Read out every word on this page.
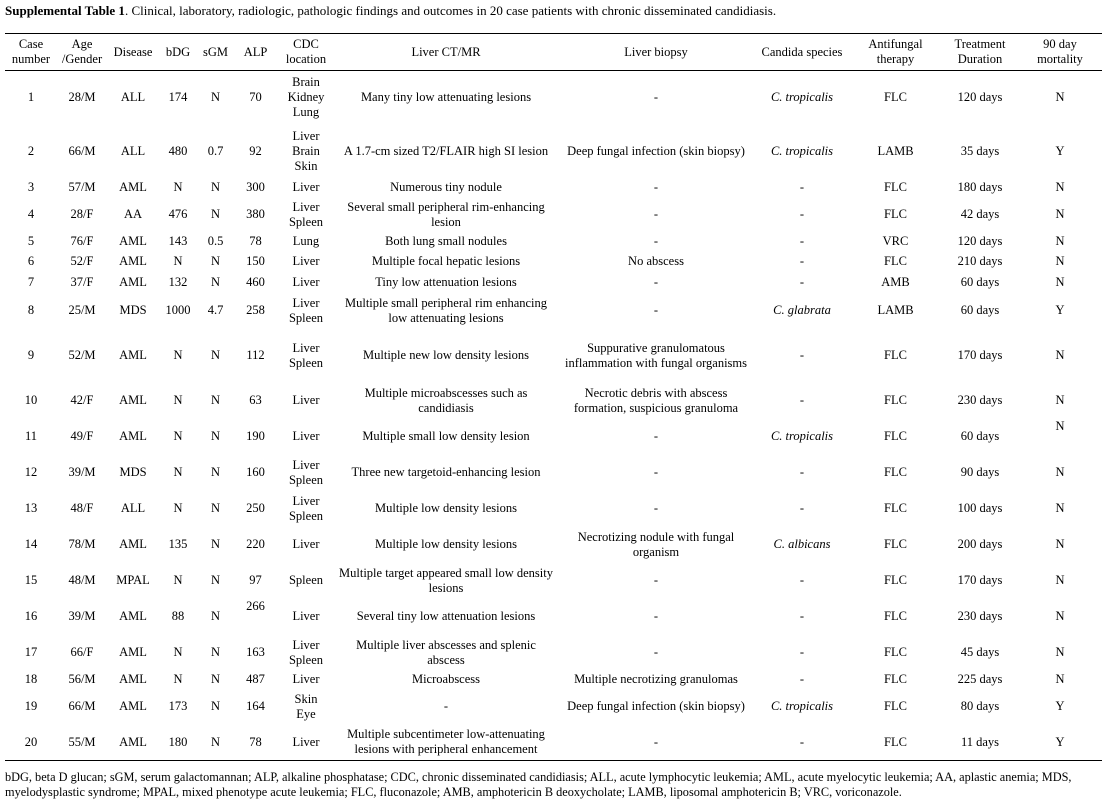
Supplemental Table 1. Clinical, laboratory, radiologic, pathologic findings and outcomes in 20 case patients with chronic disseminated candidiasis.
Case number	Age /Gender	Disease	bDG	sGM	ALP	CDC location	Liver CT/MR	Liver biopsy	Candida species	Antifungal therapy	Treatment Duration	90 day mortality
1	28/M	ALL	174	N	70	Brain
Kidney
Lung	Many tiny low attenuating lesions	-	C. tropicalis	FLC	120 days	N
2	66/M	ALL	480	0.7	92	Liver
Brain
Skin	A 1.7-cm sized T2/FLAIR high SI lesion	Deep fungal infection (skin biopsy)	C. tropicalis	LAMB	35 days	Y
3	57/M	AML	N	N	300	Liver	Numerous tiny nodule	-	-	FLC	180 days	N
4	28/F	AA	476	N	380	Liver
Spleen	Several small peripheral rim-enhancing lesion	-	-	FLC	42 days	N
5	76/F	AML	143	0.5	78	Lung	Both lung small nodules	-	-	VRC	120 days	N
6	52/F	AML	N	N	150	Liver	Multiple focal hepatic lesions	No abscess	-	FLC	210 days	N
7	37/F	AML	132	N	460	Liver	Tiny low attenuation lesions	-	-	AMB	60 days	N
8	25/M	MDS	1000	4.7	258	Liver
Spleen	Multiple small peripheral rim enhancing low attenuating lesions	-	C. glabrata	LAMB	60 days	Y
9	52/M	AML	N	N	112	Liver
Spleen	Multiple new low density lesions	Suppurative granulomatous inflammation with fungal organisms	-	FLC	170 days	N
10	42/F	AML	N	N	63	Liver	Multiple microabscesses such as candidiasis	Necrotic debris with abscess formation, suspicious granuloma	-	FLC	230 days	N
11	49/F	AML	N	N	190	Liver	Multiple small low density lesion	-	C. tropicalis	FLC	60 days	N
12	39/M	MDS	N	N	160	Liver
Spleen	Three new targetoid-enhancing lesion	-	-	FLC	90 days	N
13	48/F	ALL	N	N	250	Liver
Spleen	Multiple low density lesions	-	-	FLC	100 days	N
14	78/M	AML	135	N	220	Liver	Multiple low density lesions	Necrotizing nodule with fungal organism	C. albicans	FLC	200 days	N
15	48/M	MPAL	N	N	97	Spleen	Multiple target appeared small low density lesions	-	-	FLC	170 days	N
16	39/M	AML	88	N	266	Liver	Several tiny low attenuation lesions	-	-	FLC	230 days	N
17	66/F	AML	N	N	163	Liver
Spleen	Multiple liver abscesses and splenic abscess	-	-	FLC	45 days	N
18	56/M	AML	N	N	487	Liver	Microabscess	Multiple necrotizing granulomas	-	FLC	225 days	N
19	66/M	AML	173	N	164	Skin
Eye	-	Deep fungal infection (skin biopsy)	C. tropicalis	FLC	80 days	Y
20	55/M	AML	180	N	78	Liver	Multiple subcentimeter low-attenuating lesions with peripheral enhancement	-	-	FLC	11 days	Y
bDG, beta D glucan; sGM, serum galactomannan; ALP, alkaline phosphatase; CDC, chronic disseminated candidiasis; ALL, acute lymphocytic leukemia; AML, acute myelocytic leukemia; AA, aplastic anemia; MDS, myelodysplastic syndrome; MPAL, mixed phenotype acute leukemia; FLC, fluconazole; AMB, amphotericin B deoxycholate; LAMB, liposomal amphotericin B; VRC, voriconazole.
